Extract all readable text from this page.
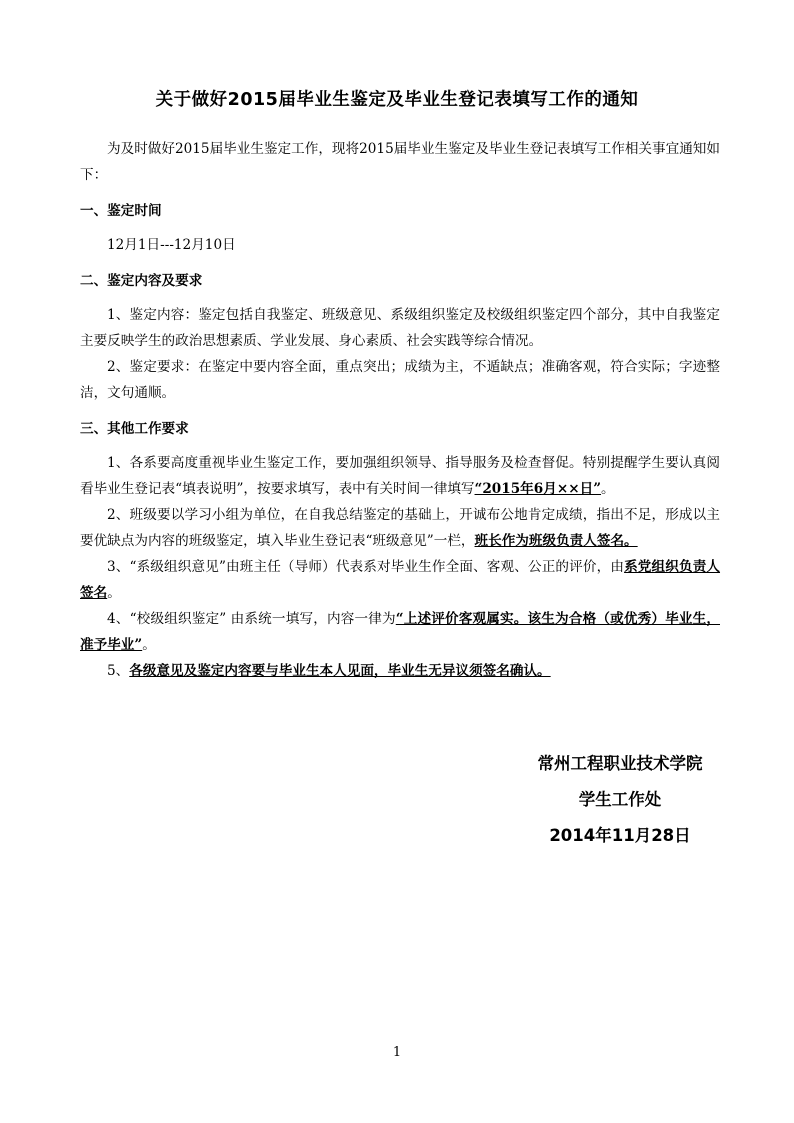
关于做好2015届毕业生鉴定及毕业生登记表填写工作的通知

为及时做好2015届毕业生鉴定工作，现将2015届毕业生鉴定及毕业生登记表填写工作相关事宜通知如下：

一、鉴定时间

12月1日---12月10日

二、鉴定内容及要求

1、鉴定内容：鉴定包括自我鉴定、班级意见、系级组织鉴定及校级组织鉴定四个部分，其中自我鉴定主要反映学生的政治思想素质、学业发展、身心素质、社会实践等综合情况。

2、鉴定要求：在鉴定中要内容全面，重点突出；成绩为主，不遁缺点；准确客观，符合实际；字迹整洁，文句通顺。

三、其他工作要求

1、各系要高度重视毕业生鉴定工作，要加强组织领导、指导服务及检查督促。特别提醒学生要认真阅看毕业生登记表“填表说明”，按要求填写，表中有关时间一律填写“2015年6月××日”。

2、班级要以学习小组为单位，在自我总结鉴定的基础上，开诚布公地肯定成绩，指出不足，形成以主要优缺点为内容的班级鉴定，填入毕业生登记表“班级意见”一栏，班长作为班级负责人签名。

3、“系级组织意见”由班主任（导师）代表系对毕业生作全面、客观、公正的评价，由系党组织负责人签名。

4、“校级组织鉴定” 由系统一填写，内容一律为“上述评价客观属实。该生为合格（或优秀）毕业生，准予毕业”。

5、各级意见及鉴定内容要与毕业生本人见面，毕业生无异议须签名确认。

常州工程职业技术学院
学生工作处
2014年11月28日
1
